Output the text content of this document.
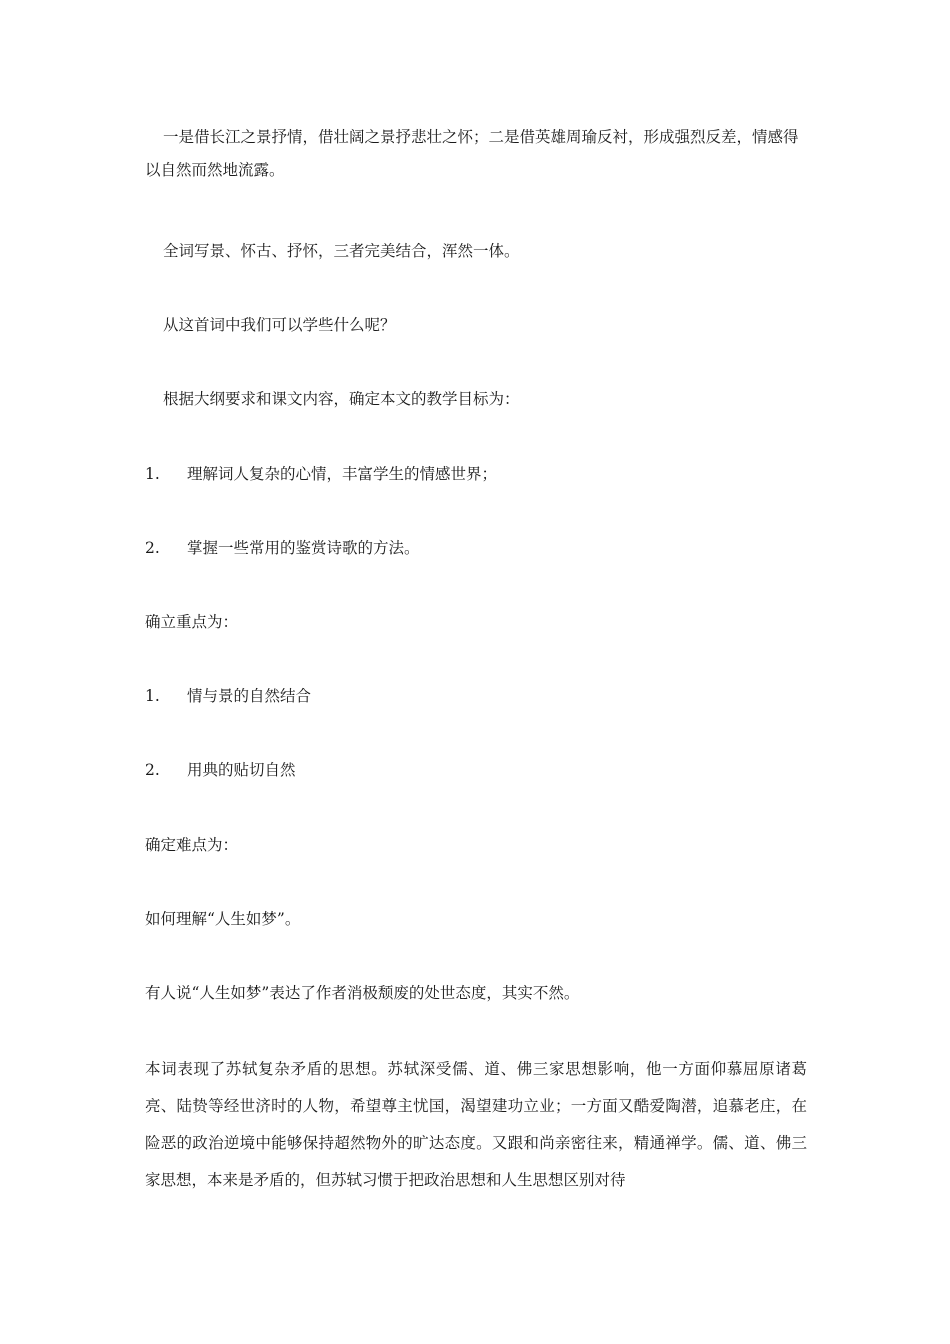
一是借长江之景抒情，借壮阔之景抒悲壮之怀；二是借英雄周瑜反衬，形成强烈反差，情感得以自然而然地流露。

全词写景、怀古、抒怀，三者完美结合，浑然一体。

从这首词中我们可以学些什么呢？

根据大纲要求和课文内容，确定本文的教学目标为：

1.	理解词人复杂的心情，丰富学生的情感世界；
2.	掌握一些常用的鉴赏诗歌的方法。

确立重点为：

1.	情与景的自然结合
2.	用典的贴切自然

确定难点为：

如何理解“人生如梦”。

有人说“人生如梦”表达了作者消极颓废的处世态度，其实不然。

本词表现了苏轼复杂矛盾的思想。苏轼深受儒、道、佛三家思想影响，他一方面仰慕屈原诸葛亮、陆贽等经世济时的人物，希望尊主忧国，渴望建功立业；一方面又酷爱陶潜，追慕老庄，在险恶的政治逆境中能够保持超然物外的旷达态度。又跟和尚亲密往来，精通禅学。儒、道、佛三家思想，本来是矛盾的，但苏轼习惯于把政治思想和人生思想区别对待
